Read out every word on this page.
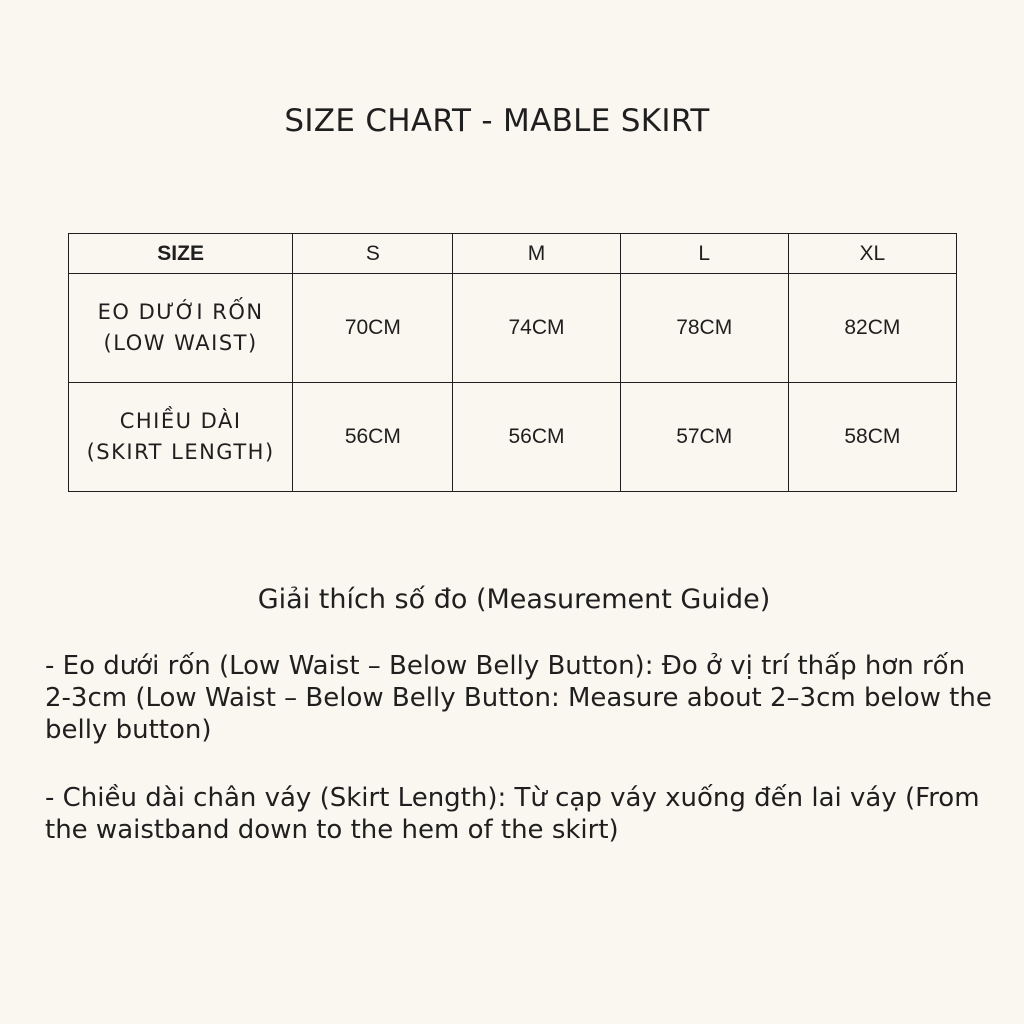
SIZE CHART - MABLE SKIRT
SIZE	S	M	L	XL

EO DƯỚI RỐN
(LOW WAIST)	70CM	74CM	78CM	82CM

CHIỀU DÀI
(SKIRT LENGTH)	56CM	56CM	57CM	58CM
Giải thích số đo (Measurement Guide)

- Eo dưới rốn (Low Waist – Below Belly Button): Đo ở vị trí thấp hơn rốn 2-3cm (Low Waist – Below Belly Button: Measure about 2–3cm below the belly button)

- Chiều dài chân váy (Skirt Length): Từ cạp váy xuống đến lai váy (From the waistband down to the hem of the skirt)
